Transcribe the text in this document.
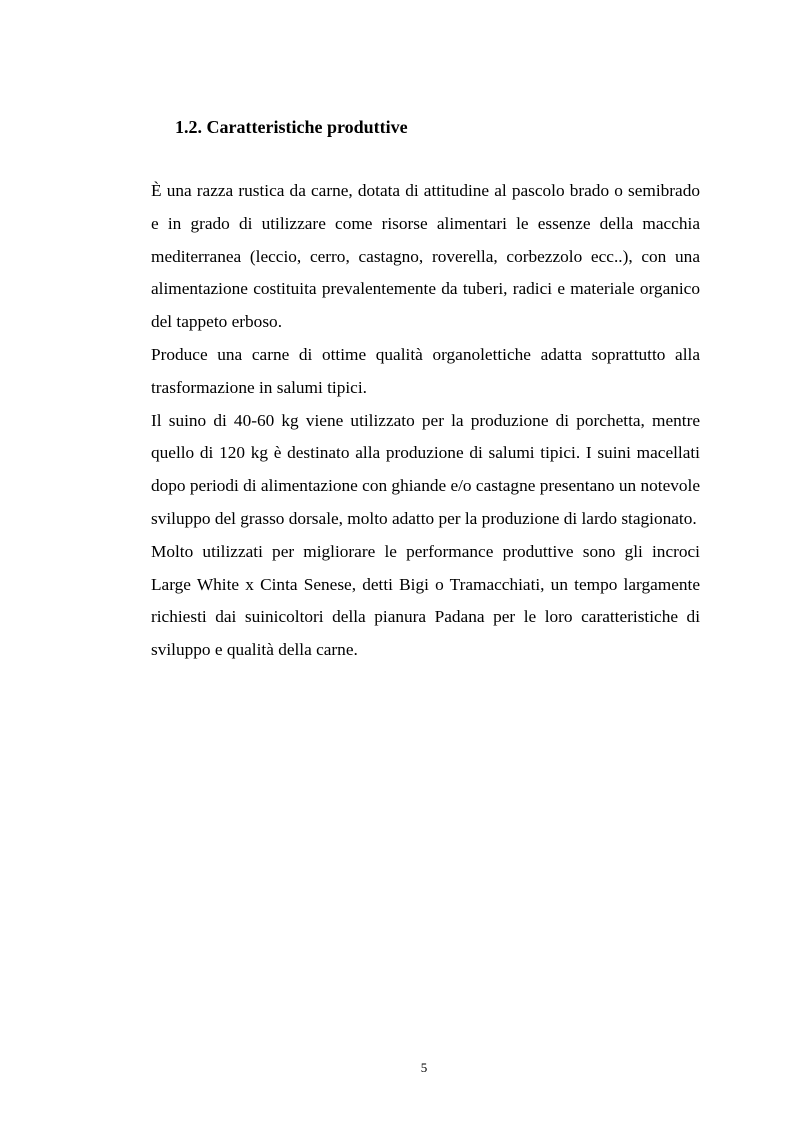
1.2. Caratteristiche produttive

È una razza rustica da carne, dotata di attitudine al pascolo brado o semibrado e in grado di utilizzare come risorse alimentari le essenze della macchia mediterranea (leccio, cerro, castagno, roverella, corbezzolo ecc..), con una alimentazione costituita prevalentemente da tuberi, radici e materiale organico del tappeto erboso.

Produce una carne di ottime qualità organolettiche adatta soprattutto alla trasformazione in salumi tipici.

Il suino di 40-60 kg viene utilizzato per la produzione di porchetta, mentre quello di 120 kg è destinato alla produzione di salumi tipici. I suini macellati dopo periodi di alimentazione con ghiande e/o castagne presentano un notevole sviluppo del grasso dorsale, molto adatto per la produzione di lardo stagionato.

Molto utilizzati per migliorare le performance produttive sono gli incroci Large White x Cinta Senese, detti Bigi o Tramacchiati, un tempo largamente richiesti dai suinicoltori della pianura Padana per le loro caratteristiche di sviluppo e qualità della carne.

5
